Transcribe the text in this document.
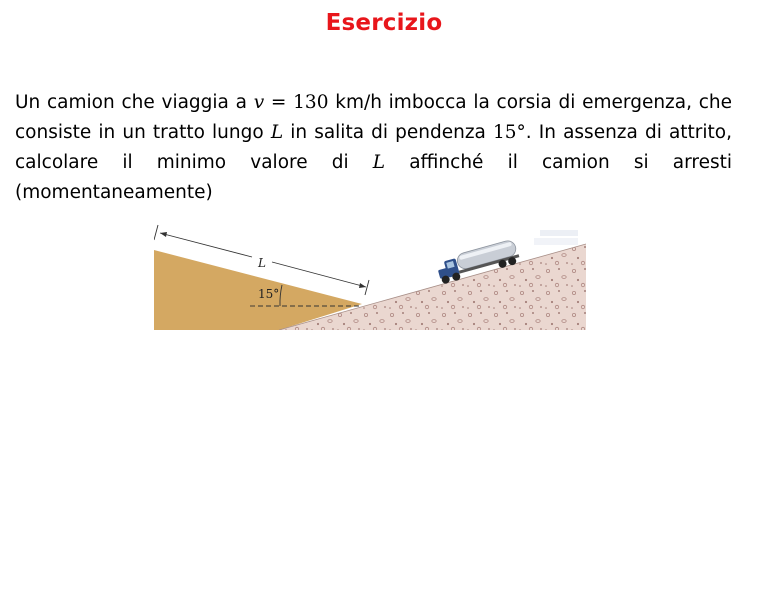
Esercizio
Un camion che viaggia a v = 130 km/h imbocca la corsia di emergenza, che consiste in un tratto lungo L in salita di pendenza 15°. In assenza di attrito, calcolare il minimo valore di L affinché il camion si arresti (momentaneamente)
L
15°
